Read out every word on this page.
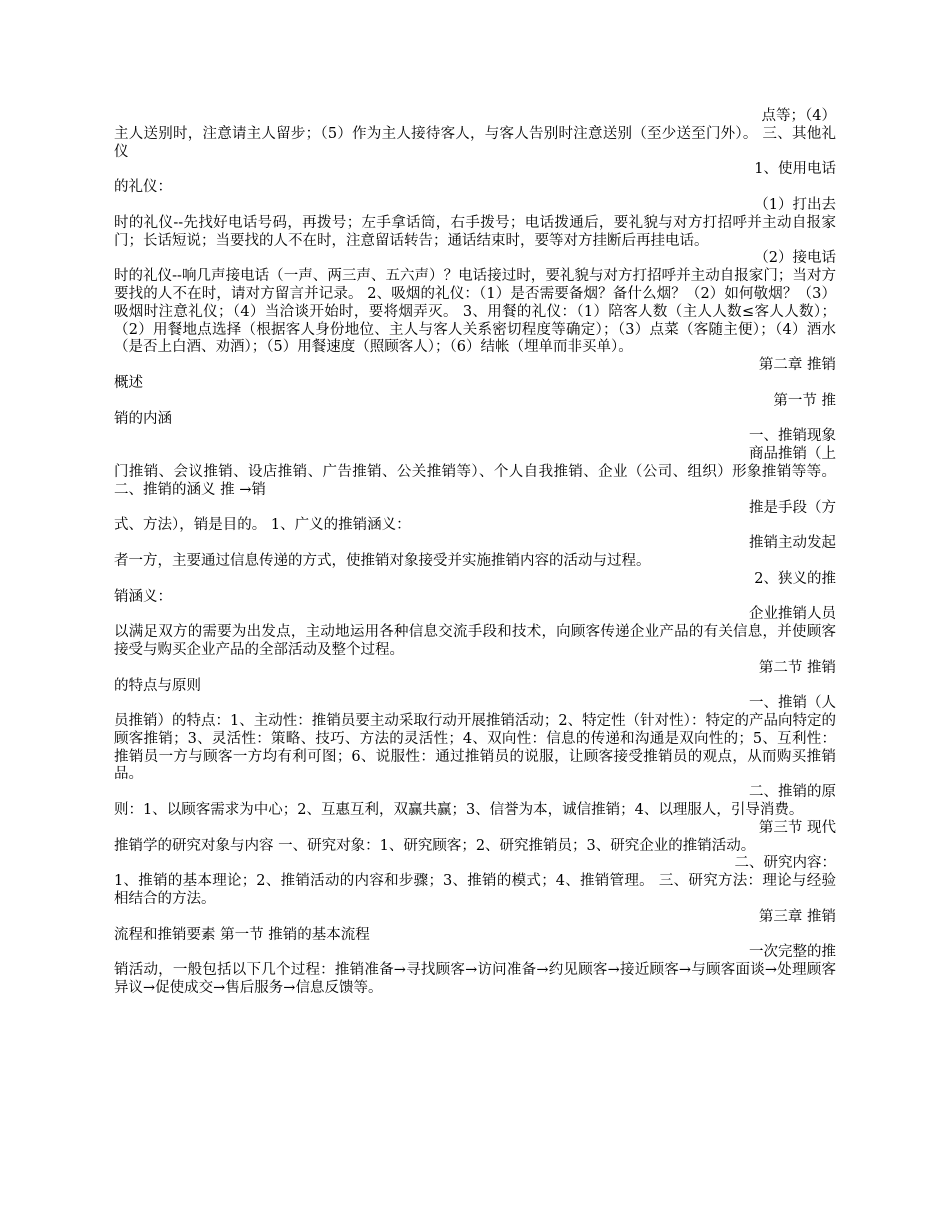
点等；（4）
主人送别时，注意请主人留步；（5）作为主人接待客人，与客人告别时注意送别（至少送至门外）。 三、其他礼仪
1、使用电话
的礼仪：
（1）打出去
时的礼仪--先找好电话号码，再拨号；左手拿话筒，右手拨号；电话拨通后，要礼貌与对方打招呼并主动自报家门；长话短说；当要找的人不在时，注意留话转告；通话结束时，要等对方挂断后再挂电话。
（2）接电话
时的礼仪--响几声接电话（一声、两三声、五六声）？电话接过时，要礼貌与对方打招呼并主动自报家门；当对方要找的人不在时，请对方留言并记录。 2、吸烟的礼仪：（1）是否需要备烟？备什么烟？（2）如何敬烟？（3）吸烟时注意礼仪；（4）当洽谈开始时，要将烟弄灭。 3、用餐的礼仪：（1）陪客人数（主人人数≤客人人数）；（2）用餐地点选择（根据客人身份地位、主人与客人关系密切程度等确定）；（3）点菜（客随主便）；（4）酒水（是否上白酒、劝酒）；（5）用餐速度（照顾客人）；（6）结帐（埋单而非买单）。
第二章 推销
概述
第一节 推
销的内涵
一、推销现象
商品推销（上
门推销、会议推销、设店推销、广告推销、公关推销等）、个人自我推销、企业（公司、组织）形象推销等等。 二、推销的涵义 推 →销
推是手段（方
式、方法），销是目的。 1、广义的推销涵义：
推销主动发起
者一方，主要通过信息传递的方式，使推销对象接受并实施推销内容的活动与过程。
2、狭义的推
销涵义：
企业推销人员
以满足双方的需要为出发点，主动地运用各种信息交流手段和技术，向顾客传递企业产品的有关信息，并使顾客接受与购买企业产品的全部活动及整个过程。
第二节 推销
的特点与原则
一、推销（人
员推销）的特点：1、主动性：推销员要主动采取行动开展推销活动；2、特定性（针对性）：特定的产品向特定的顾客推销；3、灵活性：策略、技巧、方法的灵活性；4、双向性：信息的传递和沟通是双向性的；5、互利性：推销员一方与顾客一方均有利可图；6、说服性：通过推销员的说服，让顾客接受推销员的观点，从而购买推销品。
二、推销的原
则：1、以顾客需求为中心；2、互惠互利，双赢共赢；3、信誉为本，诚信推销；4、以理服人，引导消费。
第三节 现代
推销学的研究对象与内容 一、研究对象：1、研究顾客；2、研究推销员；3、研究企业的推销活动。
二、研究内容：
1、推销的基本理论；2、推销活动的内容和步骤；3、推销的模式；4、推销管理。 三、研究方法：理论与经验相结合的方法。
第三章 推销
流程和推销要素 第一节 推销的基本流程
一次完整的推
销活动，一般包括以下几个过程：推销准备→寻找顾客→访问准备→约见顾客→接近顾客→与顾客面谈→处理顾客异议→促使成交→售后服务→信息反馈等。
